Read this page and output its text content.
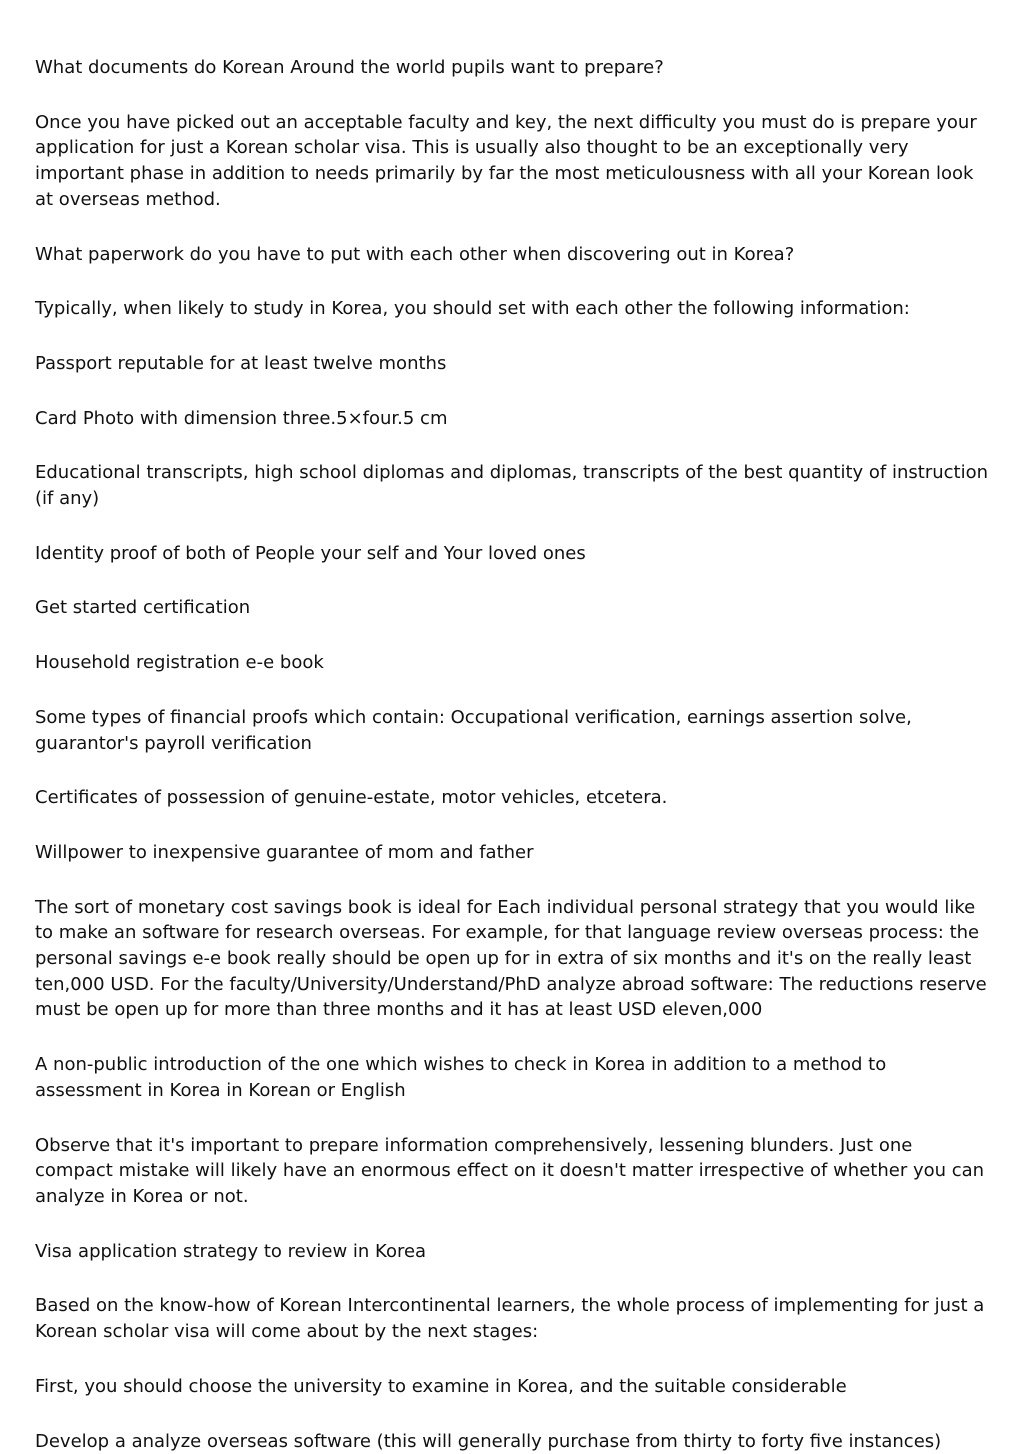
What documents do Korean Around the world pupils want to prepare?

Once you have picked out an acceptable faculty and key, the next difficulty you must do is prepare your application for just a Korean scholar visa. This is usually also thought to be an exceptionally very important phase in addition to needs primarily by far the most meticulousness with all your Korean look at overseas method.

What paperwork do you have to put with each other when discovering out in Korea?

Typically, when likely to study in Korea, you should set with each other the following information:

Passport reputable for at least twelve months

Card Photo with dimension three.5×four.5 cm

Educational transcripts, high school diplomas and diplomas, transcripts of the best quantity of instruction (if any)

Identity proof of both of People your self and Your loved ones

Get started certification

Household registration e-e book

Some types of financial proofs which contain: Occupational verification, earnings assertion solve, guarantor's payroll verification

Certificates of possession of genuine-estate, motor vehicles, etcetera.

Willpower to inexpensive guarantee of mom and father

The sort of monetary cost savings book is ideal for Each individual personal strategy that you would like to make an software for research overseas. For example, for that language review overseas process: the personal savings e-e book really should be open up for in extra of six months and it's on the really least ten,000 USD. For the faculty/University/Understand/PhD analyze abroad software: The reductions reserve must be open up for more than three months and it has at least USD eleven,000

A non-public introduction of the one which wishes to check in Korea in addition to a method to assessment in Korea in Korean or English

Observe that it's important to prepare information comprehensively, lessening blunders. Just one compact mistake will likely have an enormous effect on it doesn't matter irrespective of whether you can analyze in Korea or not.

Visa application strategy to review in Korea

Based on the know-how of Korean Intercontinental learners, the whole process of implementing for just a Korean scholar visa will come about by the next stages:

First, you should choose the university to examine in Korea, and the suitable considerable

Develop a analyze overseas software (this will generally purchase from thirty to forty five instances)
